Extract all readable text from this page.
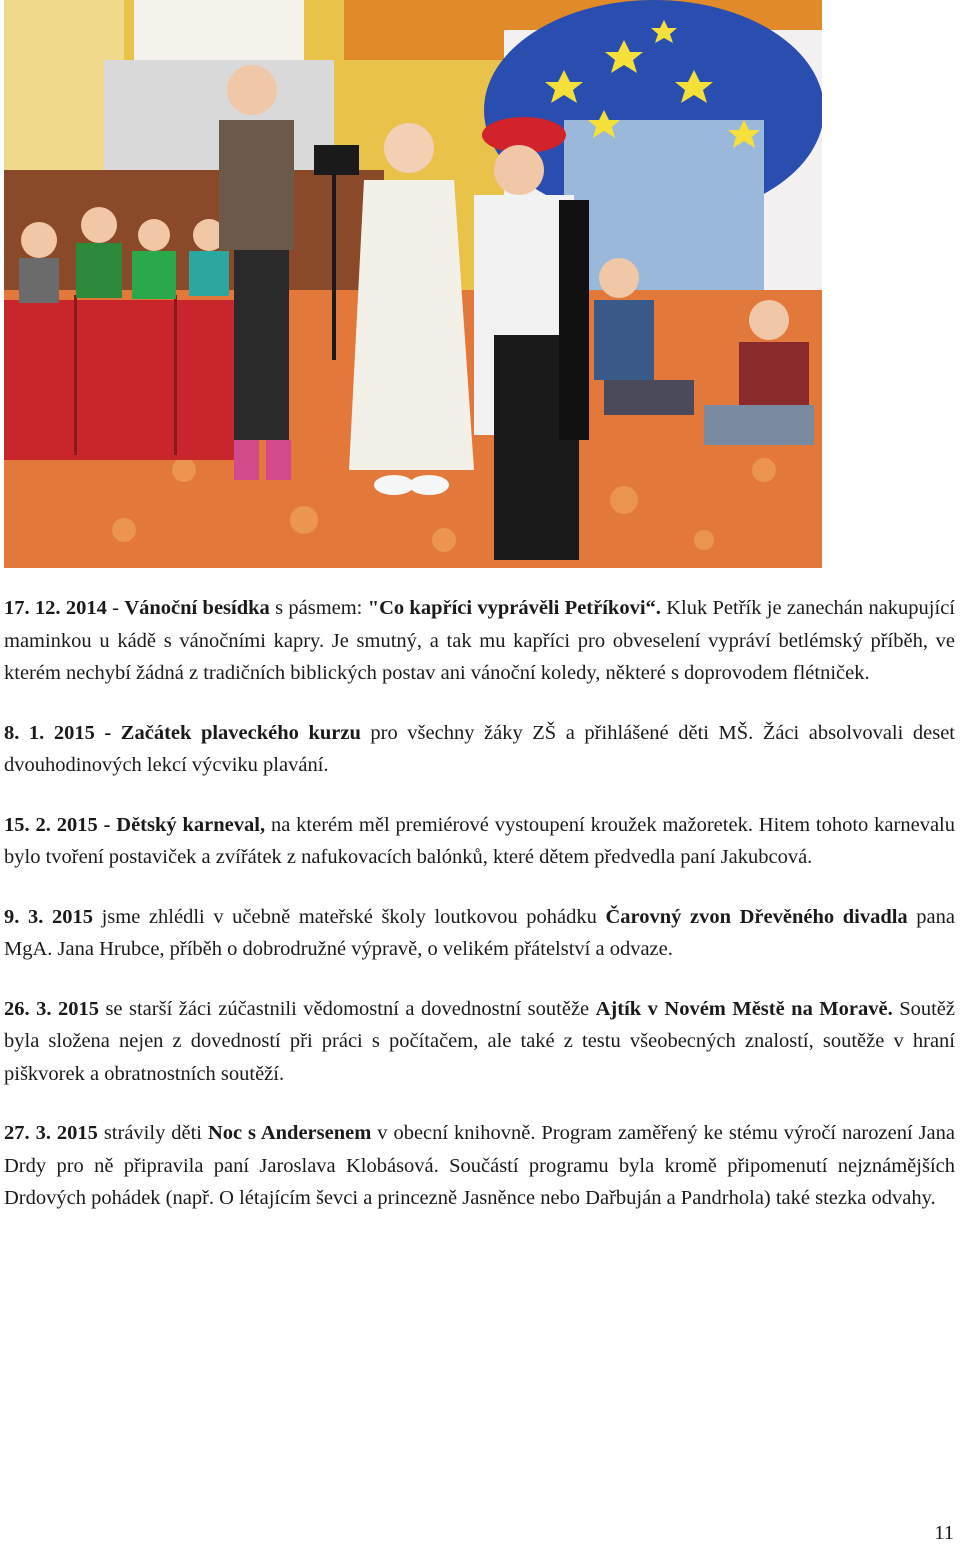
17. 12. 2014 - Vánoční besídka s pásmem: "Co kapříci vyprávěli Petříkovi“. Kluk Petřík je zanechán nakupující maminkou u kádě s vánočními kapry. Je smutný, a tak mu kapříci pro obveselení vypráví betlémský příběh, ve kterém nechybí žádná z tradičních biblických postav ani vánoční koledy, některé s doprovodem flétniček.

8. 1. 2015 - Začátek plaveckého kurzu pro všechny žáky ZŠ a přihlášené děti MŠ. Žáci absolvovali deset dvouhodinových lekcí výcviku plavání.

15. 2. 2015 - Dětský karneval, na kterém měl premiérové vystoupení kroužek mažoretek. Hitem tohoto karnevalu bylo tvoření postaviček a zvířátek z nafukovacích balónků, které dětem předvedla paní Jakubcová.

9. 3. 2015 jsme zhlédli v učebně mateřské školy loutkovou pohádku Čarovný zvon Dřevěného divadla pana MgA. Jana Hrubce, příběh o dobrodružné výpravě, o velikém přátelství a odvaze.

26. 3. 2015 se starší žáci zúčastnili vědomostní a dovednostní soutěže Ajtík v Novém Městě na Moravě. Soutěž byla složena nejen z dovedností při práci s počítačem, ale také z testu všeobecných znalostí, soutěže v hraní piškvorek a obratnostních soutěží.

27. 3. 2015 strávily děti Noc s Andersenem v obecní knihovně. Program zaměřený ke stému výročí narození Jana Drdy pro ně připravila paní Jaroslava Klobásová. Součástí programu byla kromě připomenutí nejznámějších Drdových pohádek (např. O létajícím ševci a princezně Jasněnce nebo Dařbuján a Pandrhola) také stezka odvahy.

11
